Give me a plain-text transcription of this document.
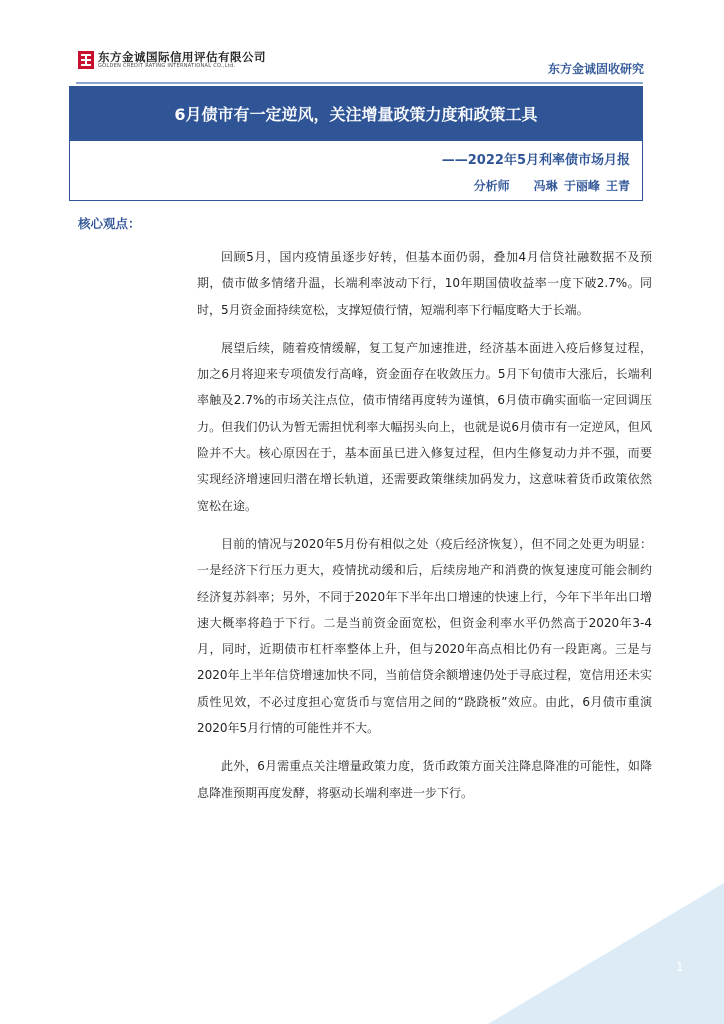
东方金诚国际信用评估有限公司
GOLDEN CREDIT RATING INTERNATIONAL CO.,Ltd.	东方金诚固收研究
6月债市有一定逆风，关注增量政策力度和政策工具
——2022年5月利率债市场月报
分析师　　冯琳 于丽峰 王青
核心观点：

回顾5月，国内疫情虽逐步好转，但基本面仍弱，叠加4月信贷社融数据不及预期，债市做多情绪升温，长端利率波动下行，10年期国债收益率一度下破2.7%。同时，5月资金面持续宽松，支撑短债行情，短端利率下行幅度略大于长端。

展望后续，随着疫情缓解，复工复产加速推进，经济基本面进入疫后修复过程，加之6月将迎来专项债发行高峰，资金面存在收敛压力。5月下旬债市大涨后，长端利率触及2.7%的市场关注点位，债市情绪再度转为谨慎，6月债市确实面临一定回调压力。但我们仍认为暂无需担忧利率大幅拐头向上，也就是说6月债市有一定逆风，但风险并不大。核心原因在于，基本面虽已进入修复过程，但内生修复动力并不强，而要实现经济增速回归潜在增长轨道，还需要政策继续加码发力，这意味着货币政策依然宽松在途。

目前的情况与2020年5月份有相似之处（疫后经济恢复），但不同之处更为明显：一是经济下行压力更大，疫情扰动缓和后，后续房地产和消费的恢复速度可能会制约经济复苏斜率；另外，不同于2020年下半年出口增速的快速上行，今年下半年出口增速大概率将趋于下行。二是当前资金面宽松，但资金利率水平仍然高于2020年3-4月，同时，近期债市杠杆率整体上升，但与2020年高点相比仍有一段距离。三是与2020年上半年信贷增速加快不同，当前信贷余额增速仍处于寻底过程，宽信用还未实质性见效，不必过度担心宽货币与宽信用之间的“跷跷板”效应。由此，6月债市重演2020年5月行情的可能性并不大。

此外，6月需重点关注增量政策力度，货币政策方面关注降息降准的可能性，如降息降准预期再度发酵，将驱动长端利率进一步下行。

1
